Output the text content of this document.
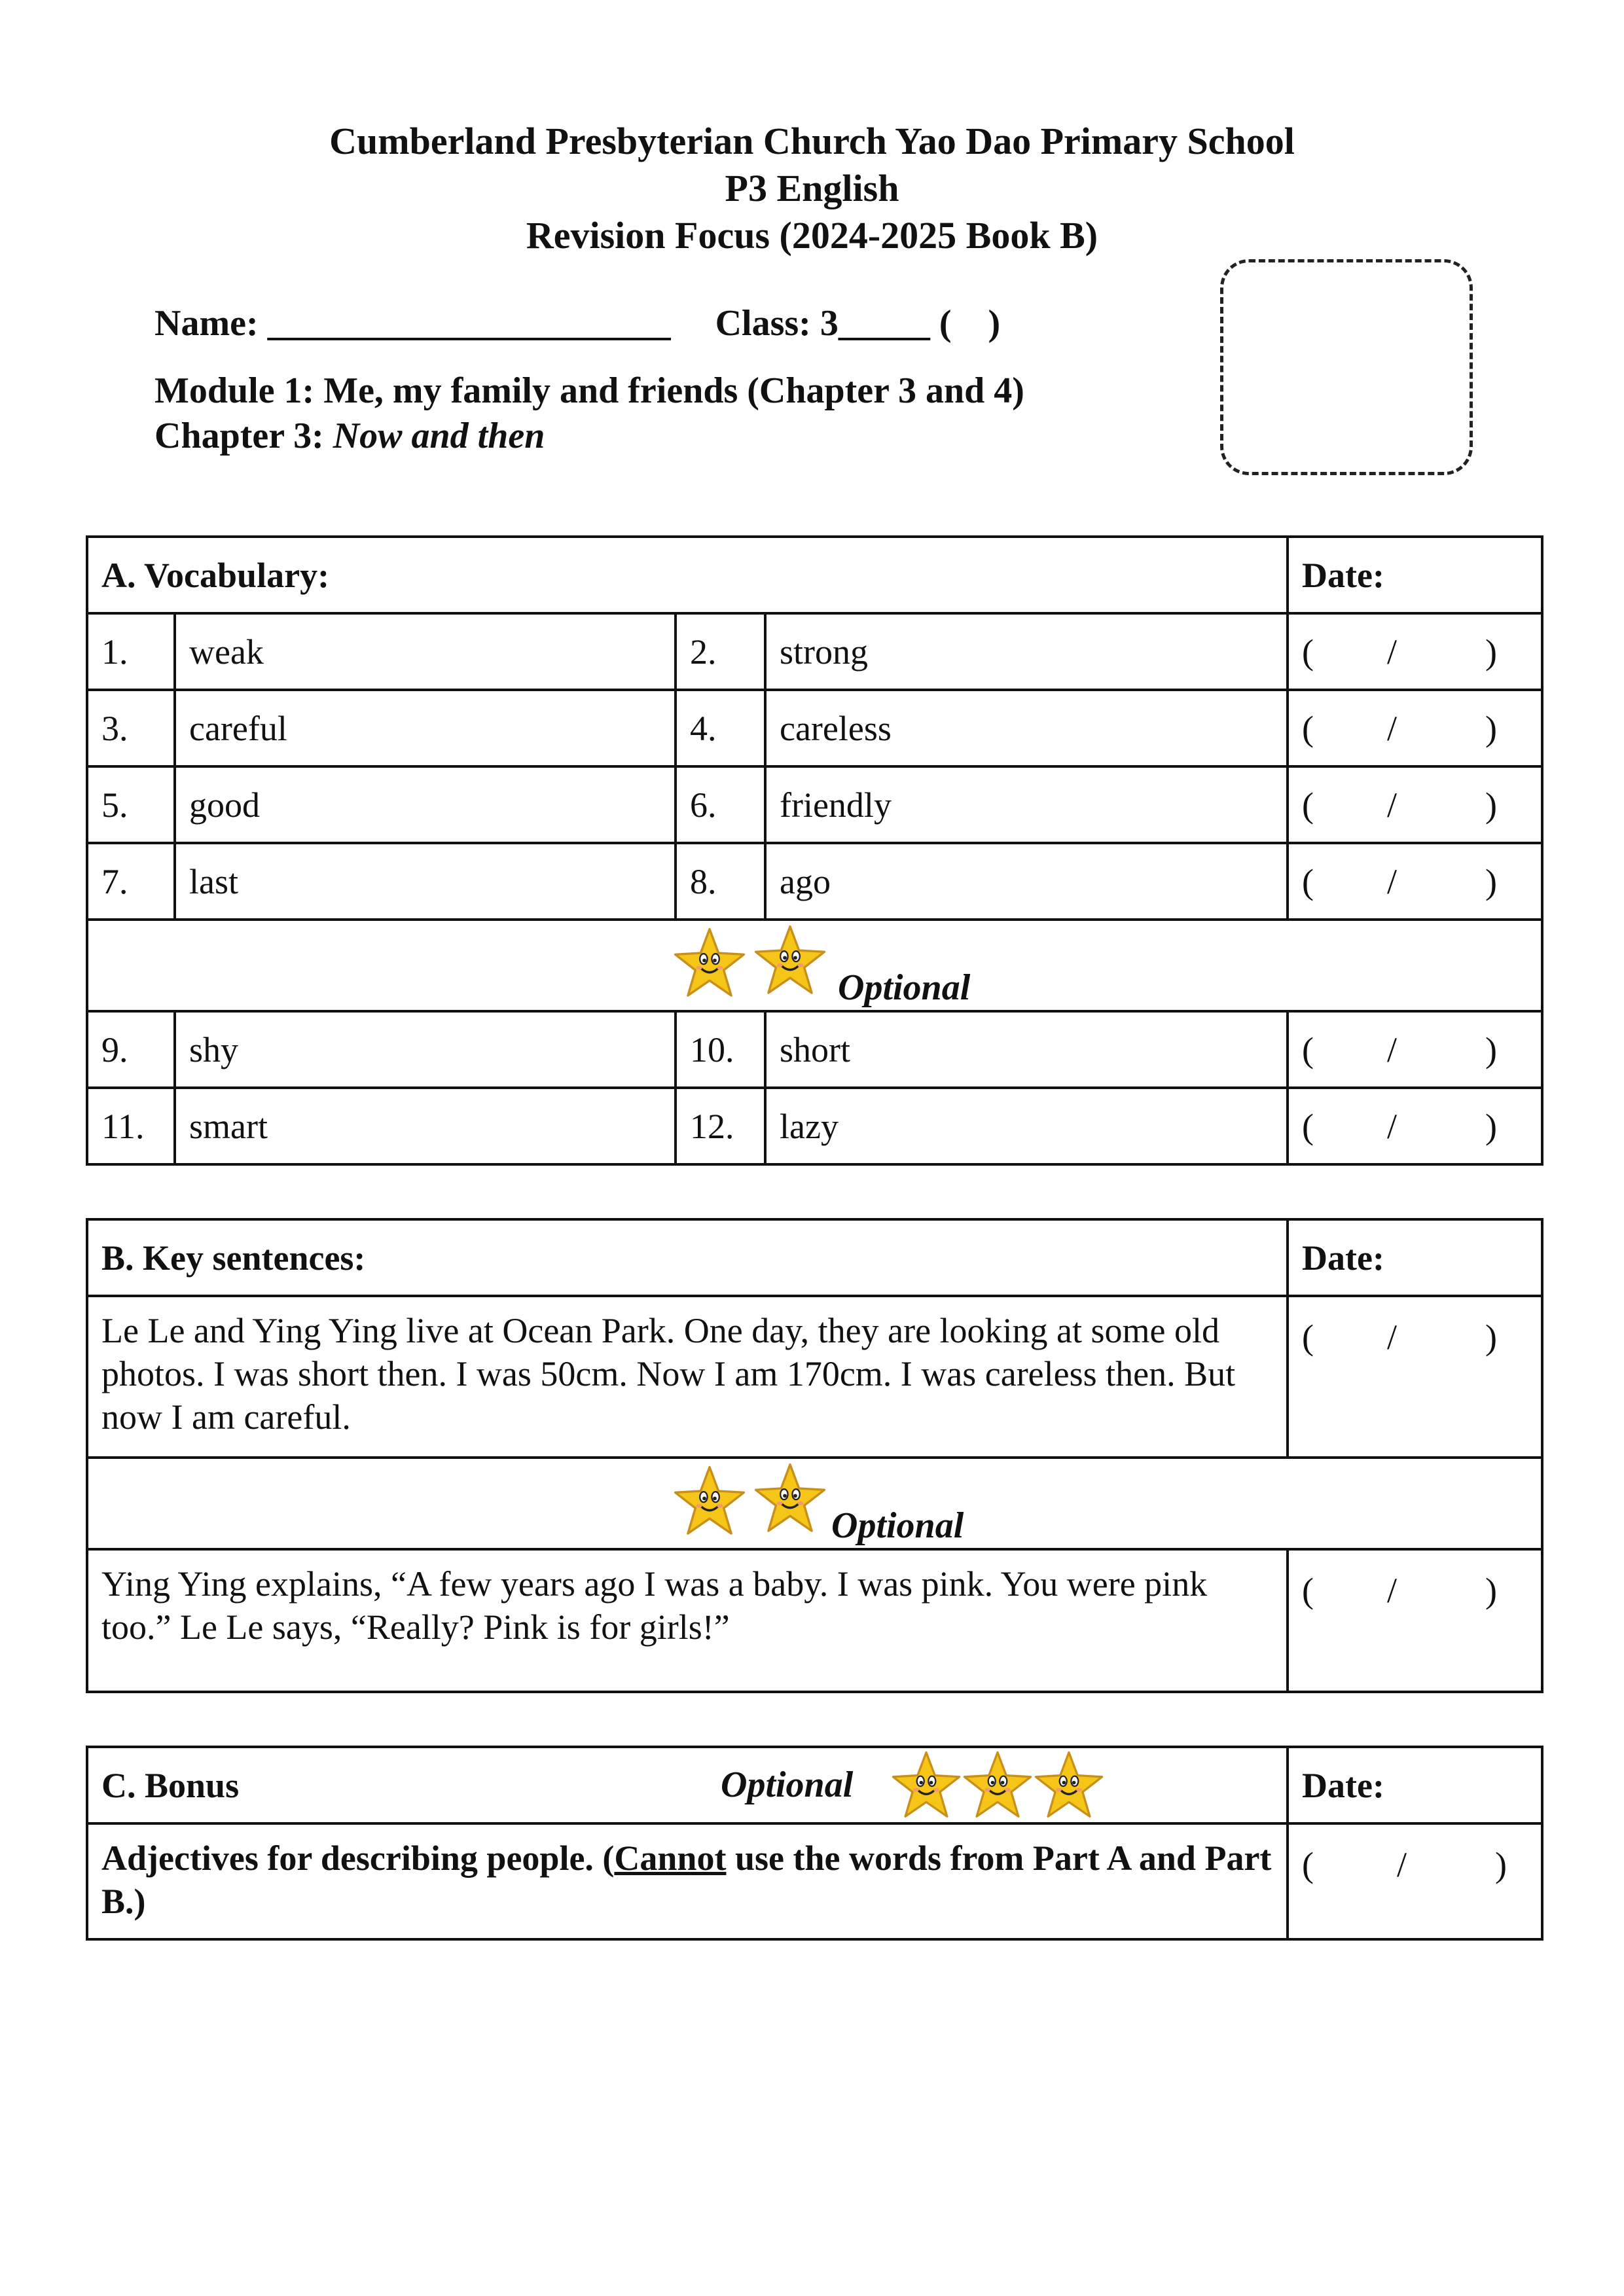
Cumberland Presbyterian Church Yao Dao Primary School
P3 English
Revision Focus (2024-2025 Book B)
Name: ______________________ Class: 3_____ (    )
Module 1: Me, my family and friends (Chapter 3 and 4)
Chapter 3: Now and then
A. Vocabulary:				Date:
1.	weak	2.	strong	( / )

3.	careful	4.	careless	( / )

5.	good	6.	friendly	( / )

7.	last	8.	ago	( / )

Optional				

9.	shy	10.	short	( / )

11.	smart	12.	lazy	( / )
B. Key sentences:	Date:
Le Le and Ying Ying live at Ocean Park. One day, they are looking at some old photos. I was short then. I was 50cm. Now I am 170cm. I was careless then. But now I am careful.	( / )

Optional	

Ying Ying explains, “A few years ago I was a baby. I was pink. You were pink too.” Le Le says, “Really? Pink is for girls!”	( / )
C. Bonus Optional	Date:
Adjectives for describing people. (Cannot use the words from Part A and Part B.)	( / )
